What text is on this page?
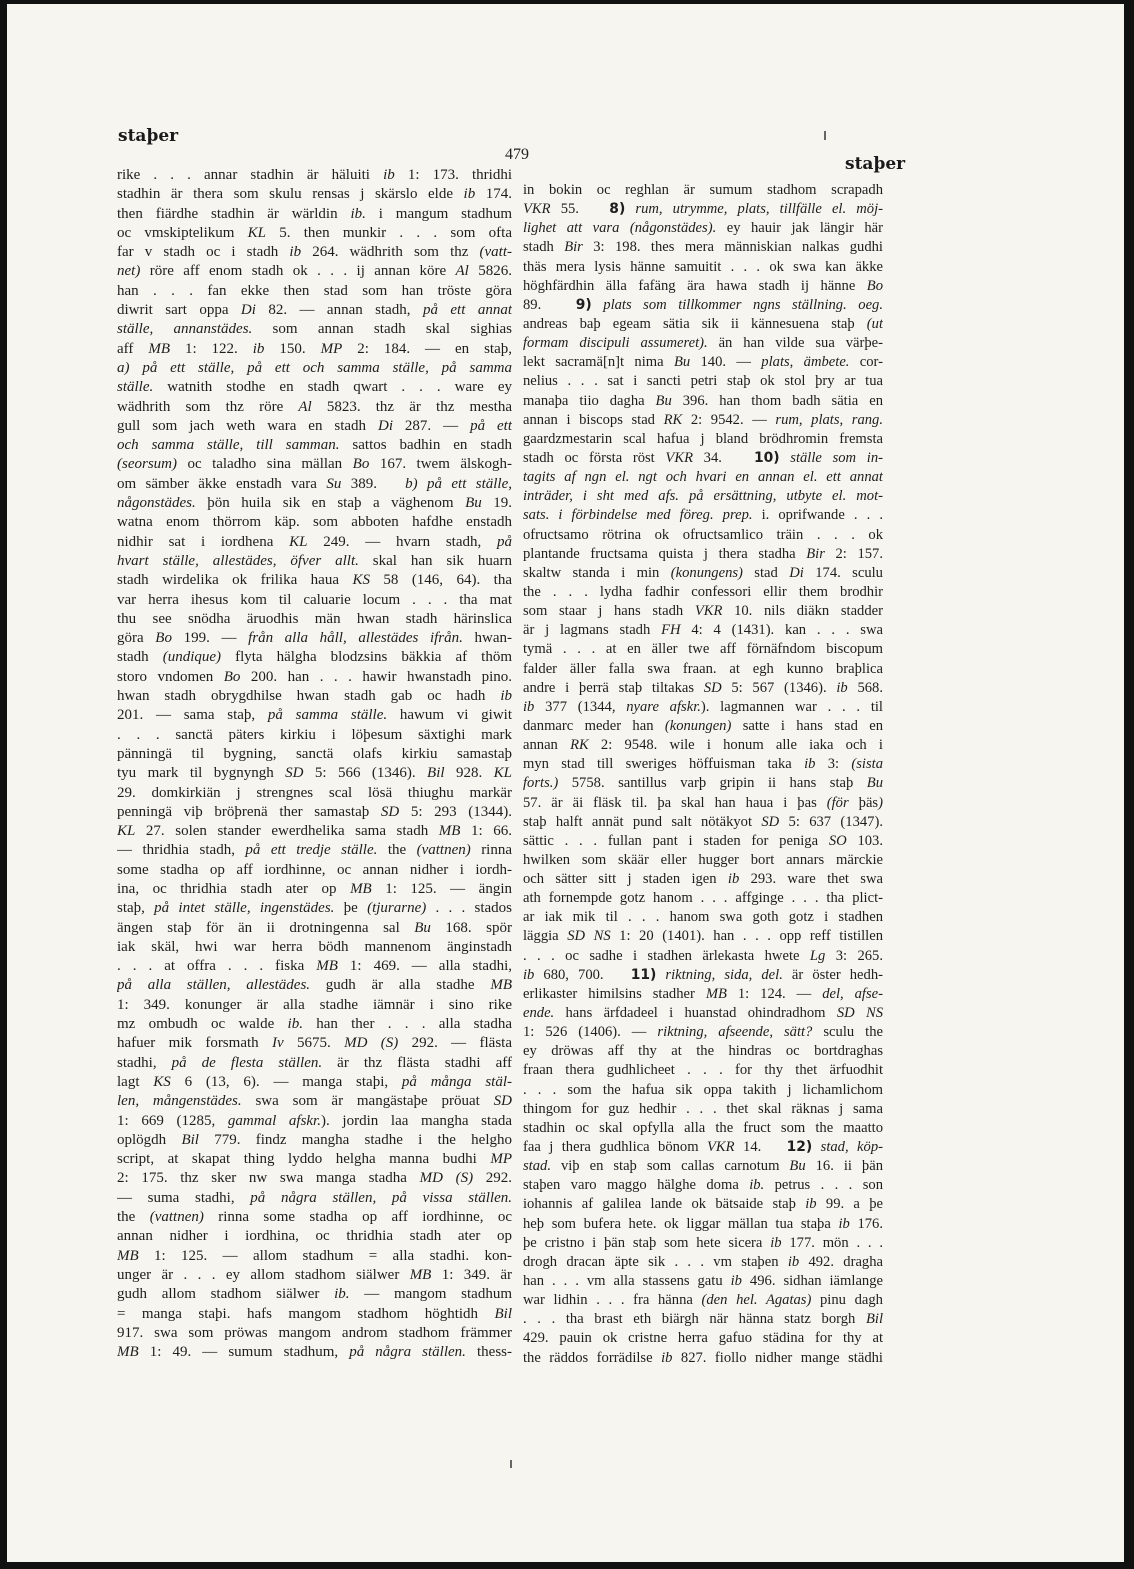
staþer
479	staþer
rike . . . annar stadhin är häluiti ib 1: 173. thridhi
stadhin är thera som skulu rensas j skärslo elde ib 174.
then fiärdhe stadhin är wärldin ib. i mangum stadhum
oc vmskiptelikum KL 5. then munkir . . . som ofta
far v stadh oc i stadh ib 264. wädhrith som thz (vatt-
net) röre aff enom stadh ok . . . ij annan köre Al 5826.
han . . . fan ekke then stad som han tröste göra
diwrit sart oppa Di 82. — annan stadh, på ett annat
ställe, annanstädes. som annan stadh skal sighias
aff MB 1: 122. ib 150. MP 2: 184. — en staþ,
a) på ett ställe, på ett och samma ställe, på samma
ställe. watnith stodhe en stadh qwart . . . ware ey
wädhrith som thz röre Al 5823. thz är thz mestha
gull som jach weth wara en stadh Di 287. — på ett
och samma ställe, till samman. sattos badhin en stadh
(seorsum) oc taladho sina mällan Bo 167. twem älskogh-
om sämber äkke enstadh vara Su 389.   b) på ett ställe,
någonstädes. þön huila sik en staþ a väghenom Bu 19.
watna enom thörrom käp. som abboten hafdhe enstadh
nidhir sat i iordhena KL 249. — hvarn stadh, på
hvart ställe, allestädes, öfver allt. skal han sik huarn
stadh wirdelika ok frilika haua KS 58 (146, 64). tha
var herra ihesus kom til caluarie locum . . . tha mat
thu see snödha äruodhis män hwan stadh härinslica
göra Bo 199. — från alla håll, allestädes ifrån. hwan-
stadh (undique) flyta hälgha blodzsins bäkkia af thöm
storo vndomen Bo 200. han . . . hawir hwanstadh pino.
hwan stadh obrygdhilse hwan stadh gab oc hadh ib
201. — sama staþ, på samma ställe. hawum vi giwit
. . . sanctä päters kirkiu i löþesum säxtighi mark
pänningä til bygning, sanctä olafs kirkiu samastaþ
tyu mark til bygnyngh SD 5: 566 (1346). Bil 928. KL
29. domkirkiän j strengnes scal lösä thiughu markär
penningä viþ bröþrenä ther samastaþ SD 5: 293 (1344).
KL 27. solen stander ewerdhelika sama stadh MB 1: 66.
— thridhia stadh, på ett tredje ställe. the (vattnen) rinna
some stadha op aff iordhinne, oc annan nidher i iordh-
ina, oc thridhia stadh ater op MB 1: 125. — ängin
staþ, på intet ställe, ingenstädes. þe (tjurarne) . . . stados
ängen staþ för än ii drotningenna sal Bu 168. spör
iak skäl, hwi war herra bödh mannenom änginstadh
. . . at offra . . . fiska MB 1: 469. — alla stadhi,
på alla ställen, allestädes. gudh är alla stadhe MB
1: 349. konunger är alla stadhe iämnär i sino rike
mz ombudh oc walde ib. han ther . . . alla stadha
hafuer mik forsmath Iv 5675. MD (S) 292. — flästa
stadhi, på de flesta ställen. är thz flästa stadhi aff
lagt KS 6 (13, 6). — manga staþi, på många stäl-
len, mångenstädes. swa som är mangästaþe pröuat SD
1: 669 (1285, gammal afskr.). jordin laa mangha stada
oplögdh Bil 779. findz mangha stadhe i the helgho
script, at skapat thing lyddo helgha manna budhi MP
2: 175. thz sker nw swa manga stadha MD (S) 292.
— suma stadhi, på några ställen, på vissa ställen.
the (vattnen) rinna some stadha op aff iordhinne, oc
annan nidher i iordhina, oc thridhia stadh ater op
MB 1: 125. — allom stadhum = alla stadhi. kon-
unger är . . . ey allom stadhom siälwer MB 1: 349. är
gudh allom stadhom siälwer ib. — mangom stadhum
= manga staþi. hafs mangom stadhom höghtidh Bil
917. swa som pröwas mangom androm stadhom främmer
MB 1: 49. — sumum stadhum, på några ställen. thess-
in bokin oc reghlan är sumum stadhom scrapadh
VKR 55.   8) rum, utrymme, plats, tillfälle el. möj-
lighet att vara (någonstädes). ey hauir jak längir här
stadh Bir 3: 198. thes mera människian nalkas gudhi
thäs mera lysis hänne samuitit . . . ok swa kan äkke
höghfärdhin älla fafäng ära hawa stadh ij hänne Bo
89.   9) plats som tillkommer ngns ställning. oeg.
andreas baþ egeam sätia sik ii kännesuena staþ (ut
formam discipuli assumeret). än han vilde sua värþe-
lekt sacramä[n]t nima Bu 140. — plats, ämbete. cor-
nelius . . . sat i sancti petri staþ ok stol þry ar tua
manaþa tiio dagha Bu 396. han thom badh sätia en
annan i biscops stad RK 2: 9542. — rum, plats, rang.
gaardzmestarin scal hafua j bland brödhromin fremsta
stadh oc första röst VKR 34.   10) ställe som in-
tagits af ngn el. ngt och hvari en annan el. ett annat
inträder, i sht med afs. på ersättning, utbyte el. mot-
sats. i förbindelse med föreg. prep. i. oprifwande . . .
ofructsamo rötrina ok ofructsamlico träin . . . ok
plantande fructsama quista j thera stadha Bir 2: 157.
skaltw standa i min (konungens) stad Di 174. sculu
the . . . lydha fadhir confessori ellir them brodhir
som staar j hans stadh VKR 10. nils diäkn stadder
är j lagmans stadh FH 4: 4 (1431). kan . . . swa
tymä . . . at en äller twe aff förnäfndom biscopum
falder äller falla swa fraan. at egh kunno braþlica
andre i þerrä staþ tiltakas SD 5: 567 (1346). ib 568.
ib 377 (1344, nyare afskr.). lagmannen war . . . til
danmarc meder han (konungen) satte i hans stad en
annan RK 2: 9548. wile i honum alle iaka och i
myn stad till sweriges höffuisman taka ib 3: (sista
forts.) 5758. santillus varþ gripin ii hans staþ Bu
57. är äi fläsk til. þa skal han haua i þas (för þäs)
staþ halft annät pund salt nötäkyot SD 5: 637 (1347).
sättic . . . fullan pant i staden for peniga SO 103.
hwilken som skäär eller hugger bort annars märckie
och sätter sitt j staden igen ib 293. ware thet swa
ath fornempde gotz hanom . . . affginge . . . tha plict-
ar iak mik til . . . hanom swa goth gotz i stadhen
läggia SD NS 1: 20 (1401). han . . . opp reff tistillen
. . . oc sadhe i stadhen ärlekasta hwete Lg 3: 265.
ib 680, 700.   11) riktning, sida, del. är öster hedh-
erlikaster himilsins stadher MB 1: 124. — del, afse-
ende. hans ärfdadeel i huanstad ohindradhom SD NS
1: 526 (1406). — riktning, afseende, sätt? sculu the
ey dröwas aff thy at the hindras oc bortdraghas
fraan thera gudhlicheet . . . for thy thet ärfuodhit
. . . som the hafua sik oppa takith j lichamlichom
thingom for guz hedhir . . . thet skal räknas j sama
stadhin oc skal opfylla alla the fruct som the maatto
faa j thera gudhlica bönom VKR 14.   12) stad, köp-
stad. viþ en staþ som callas carnotum Bu 16. ii þän
staþen varo maggo hälghe doma ib. petrus . . . son
iohannis af galilea lande ok bätsaide staþ ib 99. a þe
heþ som bufera hete. ok liggar mällan tua staþa ib 176.
þe cristno i þän staþ som hete sicera ib 177. mön . . .
drogh dracan äpte sik . . . vm staþen ib 492. dragha
han . . . vm alla stassens gatu ib 496. sidhan iämlange
war lidhin . . . fra hänna (den hel. Agatas) pinu dagh
. . . tha brast eth biärgh när hänna statz borgh Bil
429. pauin ok cristne herra gafuo städina for thy at
the räddos forrädilse ib 827. fiollo nidher mange städhi
